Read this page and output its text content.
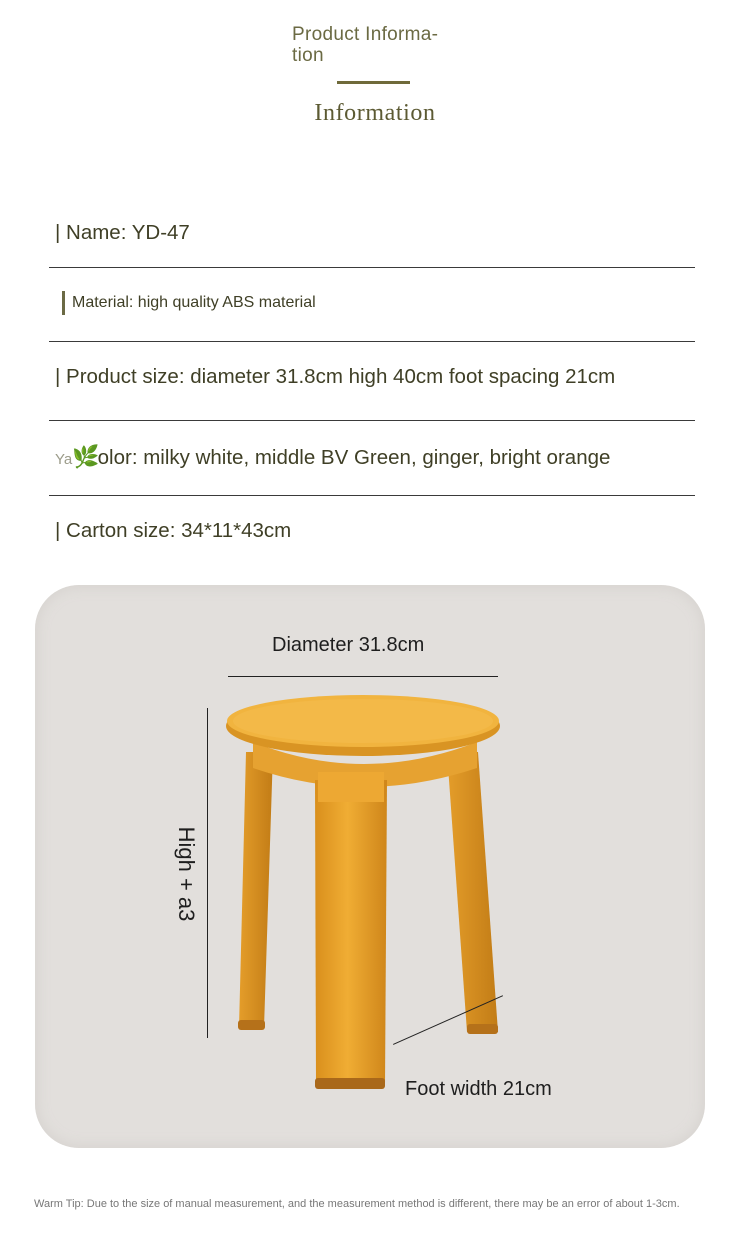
Product Informa-
tion
Information
| Name: YD-47
Material: high quality ABS material
| Product size: diameter 31.8cm high 40cm foot spacing 21cm
Ya🌿 olor: milky white, middle BV Green, ginger, bright orange
| Carton size: 34*11*43cm
Diameter 31.8cm
High + a3
Foot width 21cm
Warm Tip: Due to the size of manual measurement, and the measurement method is different, there may be an error of about 1-3cm.
